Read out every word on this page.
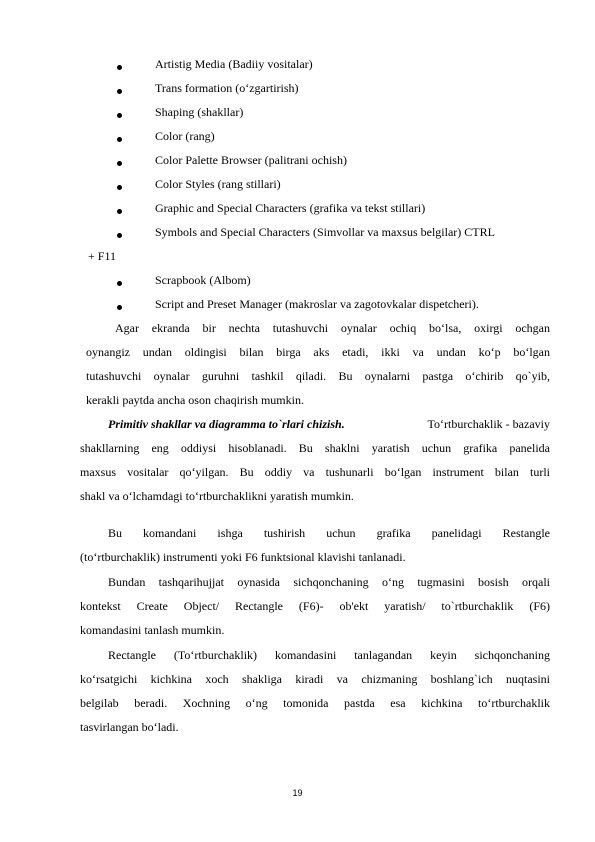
Artistig Media (Badiiy vositalar)
Trans formation (o‘zgartirish)
Shaping (shakllar)
Color (rang)
Color Palette Browser (palitrani ochish)
Color Styles (rang stillari)
Graphic and Special Characters (grafika va tekst stillari)
Symbols and Special Characters (Simvollar va maxsus belgilar) CTRL
+ F11
Scrapbook (Albom)
Script and Preset Manager (makroslar va zagotovkalar dispetcheri).
Agar ekranda bir nechta tutashuvchi oynalar ochiq bo‘lsa, oxirgi ochgan
oynangiz undan oldingisi bilan birga aks etadi, ikki va undan ko‘p bo‘lgan
tutashuvchi oynalar guruhni tashkil qiladi. Bu oynalarni pastga o‘chirib qo`yib,
kerakli paytda ancha oson chaqirish mumkin.
Primitiv shakllar va diagramma to`rlari chizish.	To‘rtburchaklik - bazaviy
shakllarning eng oddiysi hisoblanadi. Bu shaklni yaratish uchun grafika panelida
maxsus vositalar qo‘yilgan. Bu oddiy va tushunarli bo‘lgan instrument bilan turli
shakl va o‘lchamdagi to‘rtburchaklikni yaratish mumkin.
Bu komandani ishga tushirish uchun grafika panelidagi Restangle
(to‘rtburchaklik) instrumenti yoki F6 funktsional klavishi tanlanadi.
Bundan tashqarihujjat oynasida sichqonchaning o‘ng tugmasini bosish orqali
kontekst Create Object/ Rectangle (F6)- ob'ekt yaratish/ to`rtburchaklik (F6)
komandasini tanlash mumkin.
Rectangle (To‘rtburchaklik) komandasini tanlagandan keyin sichqonchaning
ko‘rsatgichi kichkina xoch shakliga kiradi va chizmaning boshlang`ich nuqtasini
belgilab beradi. Xochning o‘ng tomonida pastda esa kichkina to‘rtburchaklik
tasvirlangan bo‘ladi.
19
